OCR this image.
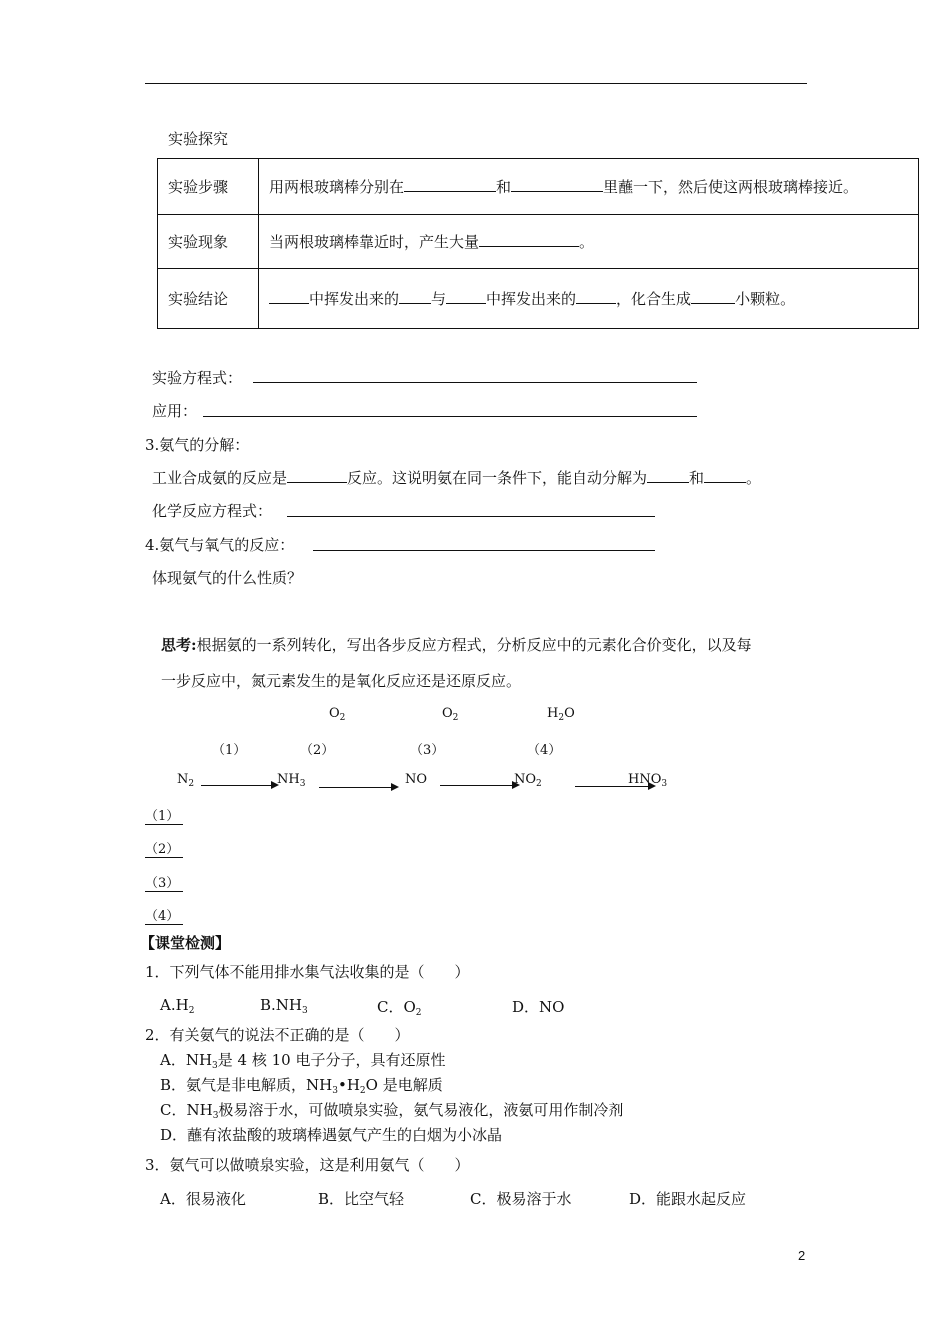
实验探究
实验步骤	用两根玻璃棒分别在 和 里蘸一下，然后使这两根玻璃棒接近。
实验现象	当两根玻璃棒靠近时，产生大量 。
实验结论	中挥发出来的 与 中挥发出来的 ，化合生成 小颗粒。
实验方程式：
应用：
3.氨气的分解：
工业合成氨的反应是	反应。这说明氨在同一条件下，能自动分解为	和	。
化学反应方程式：
4.氨气与氧气的反应：
体现氨气的什么性质？
思考:根据氨的一系列转化，写出各步反应方程式，分析反应中的元素化合价变化，以及每
一步反应中，氮元素发生的是氧化反应还是还原反应。
$O_2$	$O_2$	$H_2O$
（1）	（2）	（3）	（4）
$N_2$	$NH_3$	NO	$NO_2$	$HNO_3$
（1）
（2）
（3）
（4）
【课堂检测】
1．下列气体不能用排水集气法收集的是（　　）
$A.H_2$	$B.NH_3$	C．$O_2$	D．NO
2．有关氨气的说法不正确的是（　　）
A．$NH_3$是 4 核 10 电子分子，具有还原性
B．氨气是非电解质，$NH_3•H_2O$ 是电解质
C．$NH_3$极易溶于水，可做喷泉实验，氨气易液化，液氨可用作制冷剂
D．蘸有浓盐酸的玻璃棒遇氨气产生的白烟为小冰晶
3．氨气可以做喷泉实验，这是利用氨气（　　）
A．很易液化	B．比空气轻	C．极易溶于水	D．能跟水起反应
2
